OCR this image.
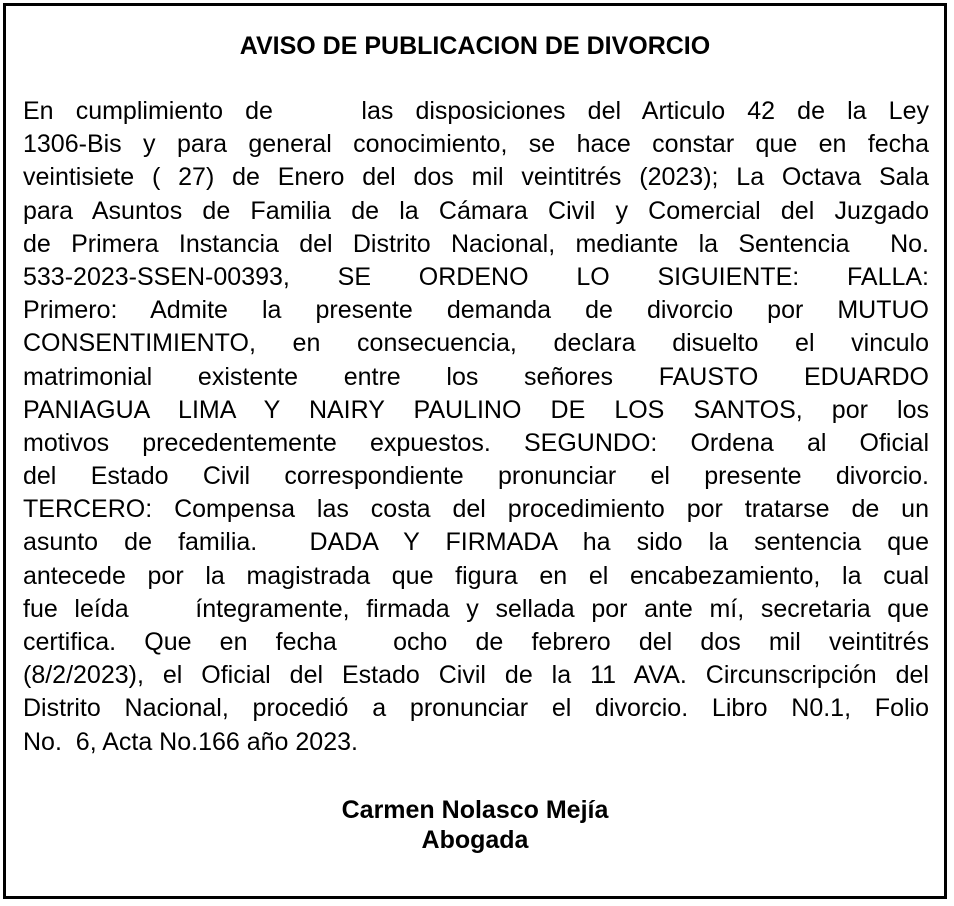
AVISO DE PUBLICACION DE DIVORCIO
En cumplimiento de    las disposiciones del Articulo 42 de la Ley
1306-Bis y para general conocimiento, se hace constar que en fecha
veintisiete ( 27) de Enero del dos mil veintitrés (2023); La Octava Sala
para Asuntos de Familia de la Cámara Civil y Comercial del Juzgado
de Primera Instancia del Distrito Nacional, mediante la Sentencia  No.
533-2023-SSEN-00393, SE ORDENO LO SIGUIENTE: FALLA:
Primero: Admite la presente demanda de divorcio por MUTUO
CONSENTIMIENTO, en consecuencia, declara disuelto el vinculo
matrimonial existente entre los señores FAUSTO EDUARDO
PANIAGUA LIMA Y NAIRY PAULINO DE LOS SANTOS, por los
motivos precedentemente expuestos. SEGUNDO: Ordena al Oficial
del Estado Civil correspondiente pronunciar el presente divorcio.
TERCERO: Compensa las costa del procedimiento por tratarse de un
asunto de familia.  DADA Y FIRMADA ha sido la sentencia que
antecede por la magistrada que figura en el encabezamiento, la cual
fue leída    íntegramente, firmada y sellada por ante mí, secretaria que
certifica. Que en fecha  ocho de febrero del dos mil veintitrés
(8/2/2023), el Oficial del Estado Civil de la 11 AVA. Circunscripción del
Distrito Nacional, procedió a pronunciar el divorcio. Libro N0.1, Folio
No.  6, Acta No.166 año 2023.
Carmen Nolasco Mejía
Abogada
